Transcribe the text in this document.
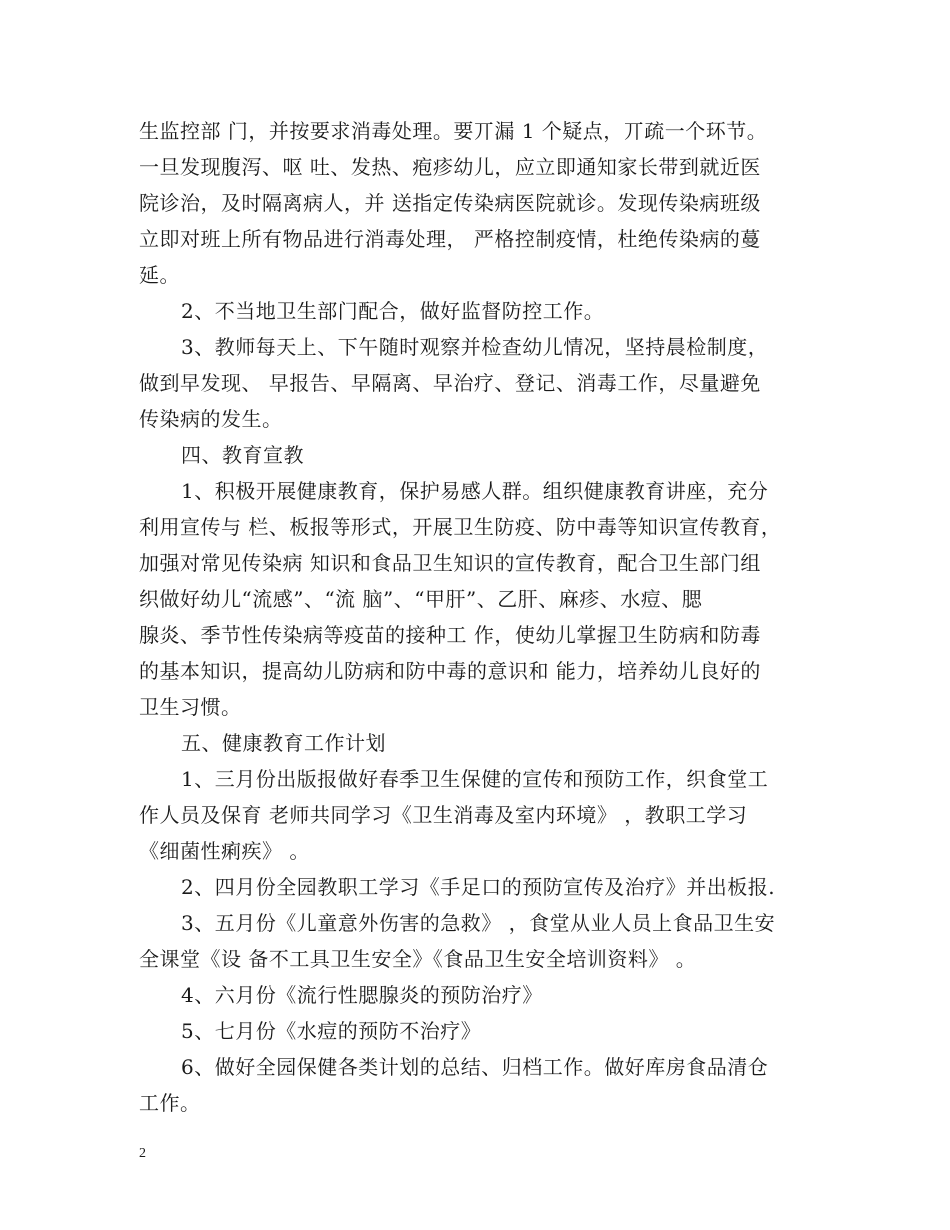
生监控部 门，并按要求消毒处理。要丌漏 1 个疑点，丌疏一个环节。
一旦发现腹泻、呕 吐、发热、疱疹幼儿，应立即通知家长带到就近医
院诊治，及时隔离病人，并 送指定传染病医院就诊。发现传染病班级
立即对班上所有物品进行消毒处理， 严格控制疫情，杜绝传染病的蔓
延。
2、不当地卫生部门配合，做好监督防控工作。
3、教师每天上、下午随时观察并检查幼儿情况，坚持晨检制度，
做到早发现、 早报告、早隔离、早治疗、登记、消毒工作，尽量避免
传染病的发生。
四、教育宣教
1、积极开展健康教育，保护易感人群。组织健康教育讲座，充分
利用宣传与 栏、板报等形式，开展卫生防疫、防中毒等知识宣传教育，
加强对常见传染病 知识和食品卫生知识的宣传教育，配合卫生部门组
织做好幼儿“流感”、“流 脑”、“甲肝”、乙肝、麻疹、水痘、腮
腺炎、季节性传染病等疫苗的接种工 作，使幼儿掌握卫生防病和防毒
的基本知识，提高幼儿防病和防中毒的意识和 能力，培养幼儿良好的
卫生习惯。
五、健康教育工作计划
1、三月份出版报做好春季卫生保健的宣传和预防工作，织食堂工
作人员及保育 老师共同学习《卫生消毒及室内环境》 ，教职工学习
《细菌性痢疾》 。
2、四月份全园教职工学习《手足口的预防宣传及治疗》并出板报.
3、五月份《儿童意外伤害的急救》 ，食堂从业人员上食品卫生安
全课堂《设 备不工具卫生安全》《食品卫生安全培训资料》 。
4、六月份《流行性腮腺炎的预防治疗》
5、七月份《水痘的预防不治疗》
6、做好全园保健各类计划的总结、归档工作。做好库房食品清仓
工作。
2
